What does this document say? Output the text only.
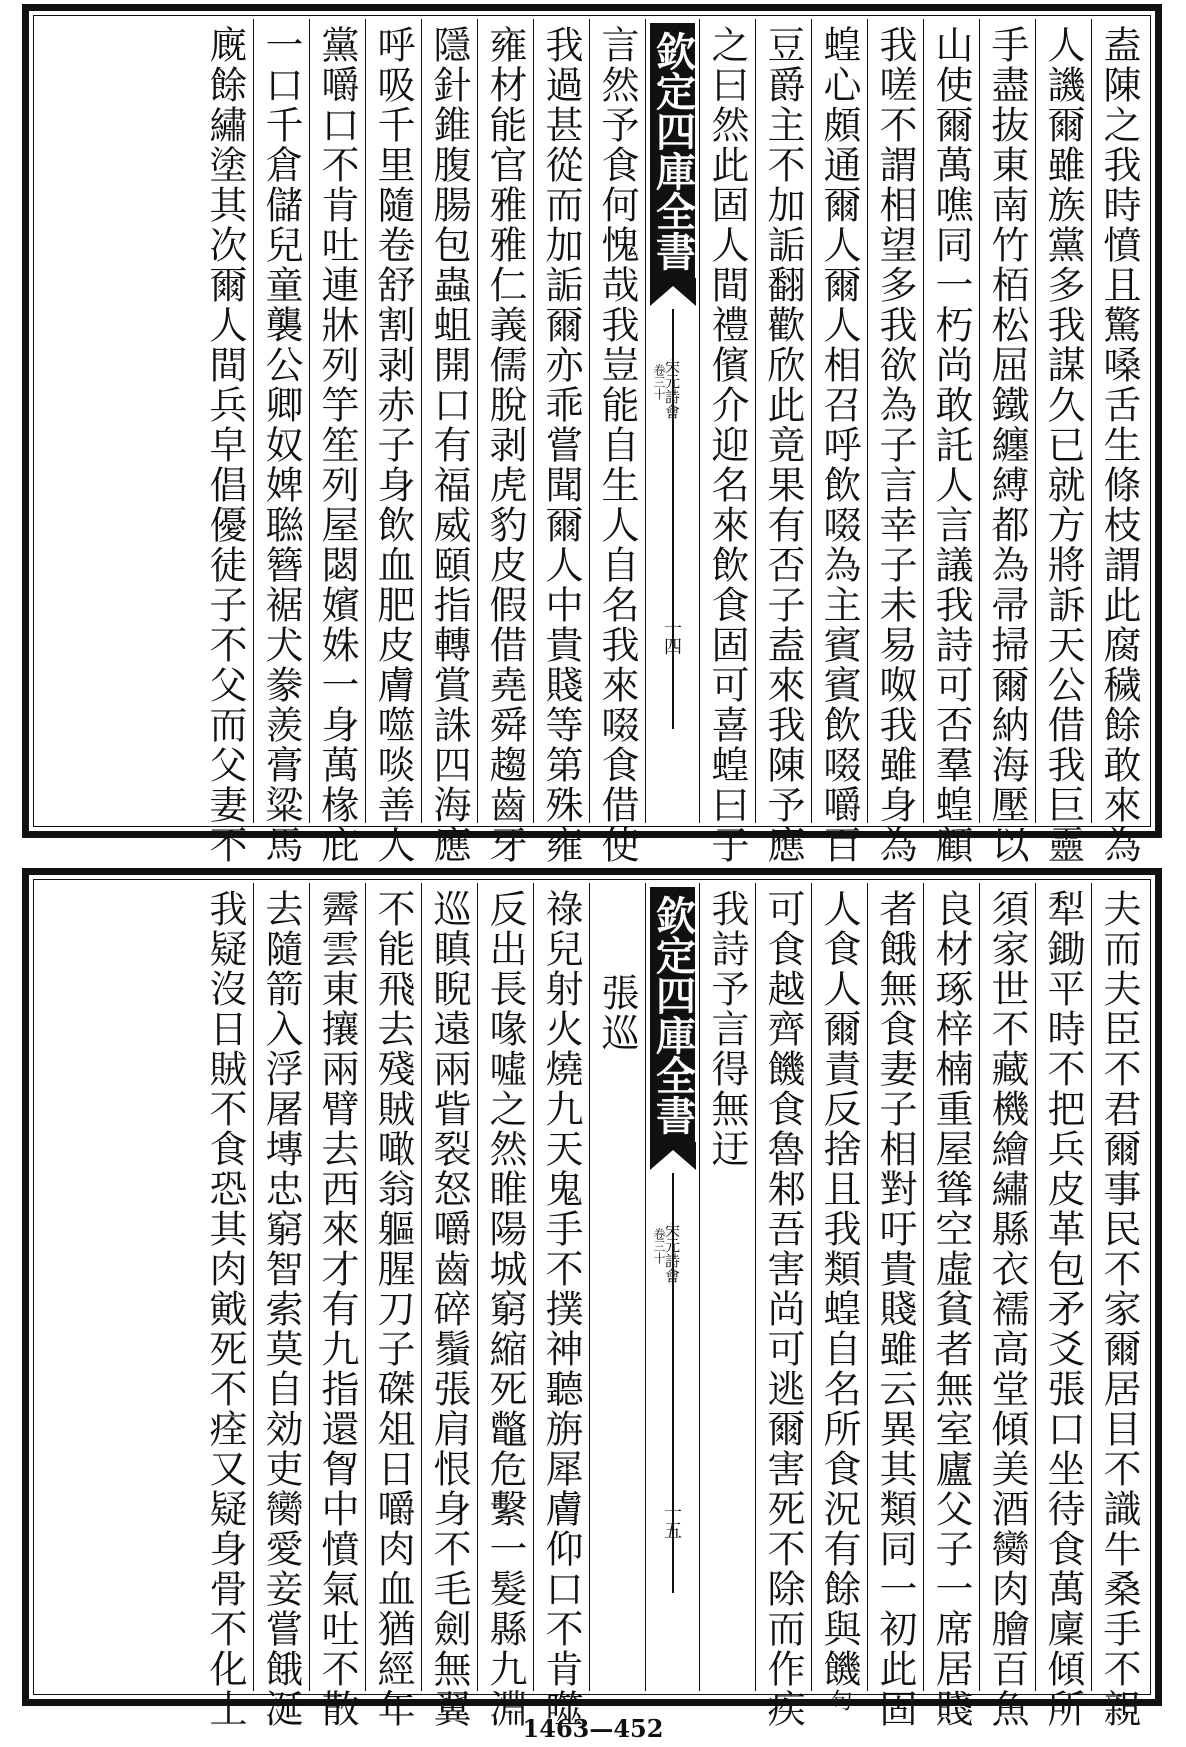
盍陳之我時憤且驚嗓舌生條枝謂此腐穢餘敢來為
人譏爾雖族黨多我謀久已就方將訴天公借我巨靈
手盡抜東南竹栢松屈鐵纏縛都為帚掃爾納海壓以
山使爾萬噍同一朽尚敢託人言議我詩可否羣蝗顧
我嗟不謂相望多我欲為子言幸子未易呶我雖身為
蝗心頗通爾人爾人相召呼飲啜為主賓賓飲啜嚼百
豆爵主不加詬翻歡欣此竟果有否子盍來我陳予應
之曰然此固人間禮儐介迎名來飲食固可喜蝗曰子
欽定四庫全書
宋元詩會
卷三十
十四
言然予食何愧哉我豈能自生人自名我來啜食借使
我過甚從而加詬爾亦乖嘗聞爾人中貴賤等第殊雍
雍材能官雅雅仁義儒脫剥虎豹皮假借堯舜趨齒牙
隱針錐腹腸包蟲蛆開口有福威頤指轉賞誅四海應
呼吸千里隨卷舒割剥赤子身飲血肥皮膚噬啖善人
黨嚼口不肯吐連牀列竽笙列屋閟嬪姝一身萬椽庇
一口千倉儲兒童襲公卿奴婢聮簪裾犬豢羨膏粱馬
廐餘繡塗其次爾人間兵皁倡優徒子不父而父妻不
夫而夫臣不君爾事民不家爾居目不識牛桑手不親
犁鋤平時不把兵皮革包矛爻張口坐待食萬廩傾所
須家世不藏機繪繡縣衣襦高堂傾美酒臠肉膾百魚
良材琢梓楠重屋聳空虛貧者無室廬父子一席居賤
者餓無食妻子相對吁貴賤雖云異其類同一初此固
人食人爾責反捨且我類蝗自名所食況有餘與饑句
可食越齊饑食魯邾吾害尚可逃爾害死不除而作疾
我詩予言得無迂
欽定四庫全書
宋元詩會
卷三十
十五
張巡
祿兒射火燒九天鬼手不撲神聽旃犀膚仰口不肯噬
反出長喙噓之然睢陽城窮縮死鼈危繫一髮縣九淵
巡瞋睨遠兩眥裂怒嚼齒碎鬚張肩恨身不毛劍無翼
不能飛去殘賊噉翁軀腥刀子磔俎日嚼肉血猶經年
霽雲東攘兩臂去西來才有九指還胷中憤氣吐不散
去隨箭入浮屠塼忠窮智索莫自効吏臠愛妾嘗餓涎
我疑沒日賊不食恐其肉戭死不痊又疑身骨不化土	1463—452
